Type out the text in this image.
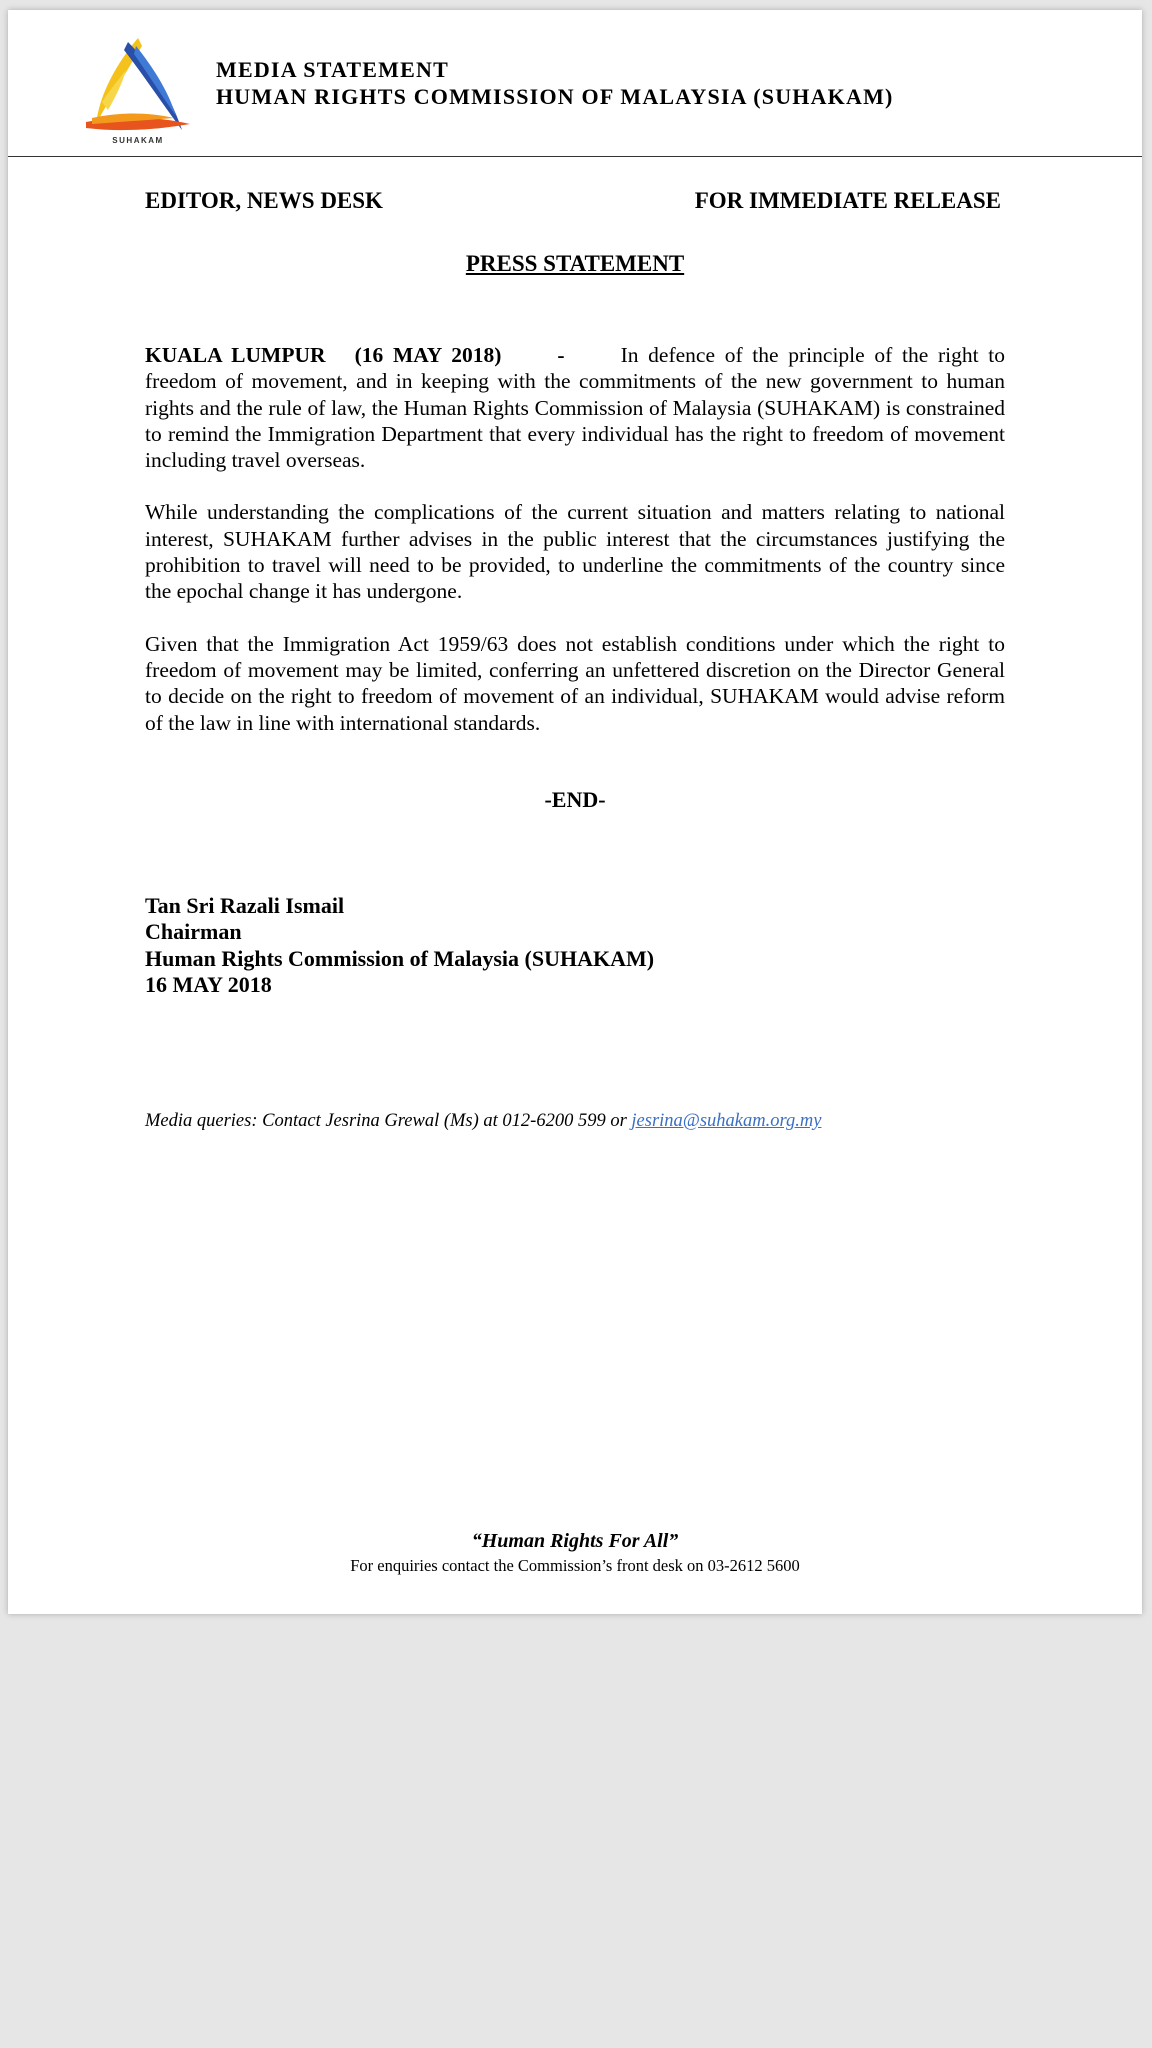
SUHAKAM
MEDIA STATEMENT
HUMAN RIGHTS COMMISSION OF MALAYSIA (SUHAKAM)
EDITOR, NEWS DESK	FOR IMMEDIATE RELEASE
PRESS STATEMENT

KUALA LUMPUR   (16 MAY 2018)	-	In defence of the principle of the right to freedom of movement, and in keeping with the commitments of the new government to human rights and the rule of law, the Human Rights Commission of Malaysia (SUHAKAM) is constrained to remind the Immigration Department that every individual has the right to freedom of movement including travel overseas.

While understanding the complications of the current situation and matters relating to national interest, SUHAKAM further advises in the public interest that the circumstances justifying the prohibition to travel will need to be provided, to underline the commitments of the country since the epochal change it has undergone.

Given that the Immigration Act 1959/63 does not establish conditions under which the right to freedom of movement may be limited, conferring an unfettered discretion on the Director General to decide on the right to freedom of movement of an individual, SUHAKAM would advise reform of the law in line with international standards.

-END-
Tan Sri Razali Ismail
Chairman
Human Rights Commission of Malaysia (SUHAKAM)
16 MAY 2018
Media queries: Contact Jesrina Grewal (Ms) at 012-6200 599 or jesrina@suhakam.org.my
“Human Rights For All”
For enquiries contact the Commission’s front desk on 03-2612 5600
